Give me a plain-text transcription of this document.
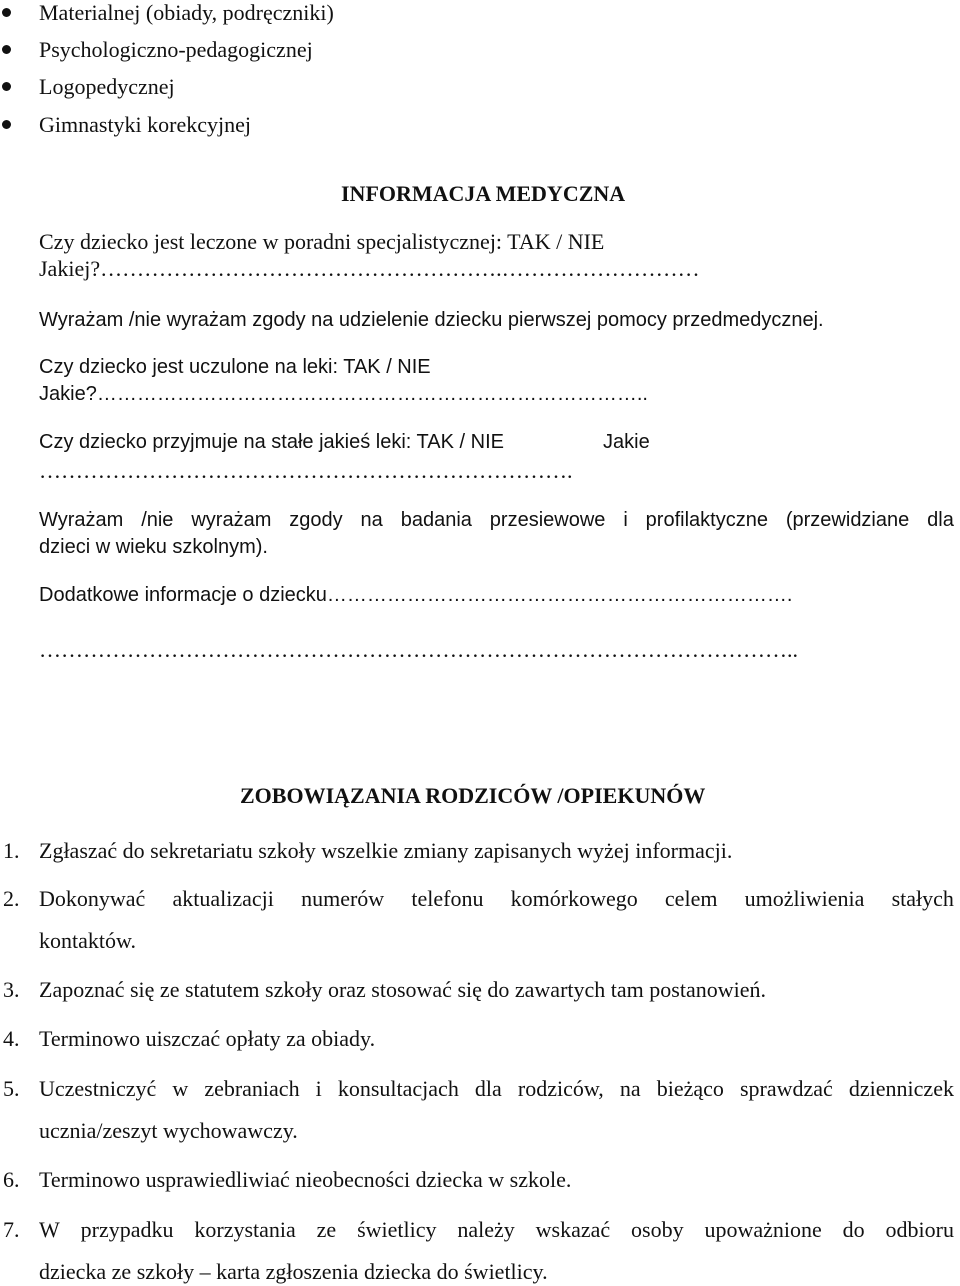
Materialnej (obiady, podręczniki)
Psychologiczno-pedagogicznej
Logopedycznej
Gimnastyki korekcyjnej
INFORMACJA MEDYCZNA
Czy dziecko jest leczone w poradni specjalistycznej: TAK / NIE
Jakiej?……………………………………………….………………………
Wyrażam /nie wyrażam zgody na udzielenie dziecku pierwszej pomocy przedmedycznej.
Czy dziecko jest uczulone na leki: TAK / NIE
Jakie?………………………………………………………………………..
Czy dziecko przyjmuje na stałe jakieś leki: TAK / NIE	Jakie
……………………………………………………………….
Wyrażam /nie wyrażam zgody na badania przesiewowe i profilaktyczne (przewidziane dla
dzieci w wieku szkolnym).
Dodatkowe informacje o dziecku…………………………………………………………….
…………………………………………………………………………………………..
ZOBOWIĄZANIA RODZICÓW /OPIEKUNÓW
1. Zgłaszać do sekretariatu szkoły wszelkie zmiany zapisanych wyżej informacji.
2. Dokonywać aktualizacji numerów telefonu komórkowego celem umożliwienia stałych
kontaktów.
3. Zapoznać się ze statutem szkoły oraz stosować się do zawartych tam postanowień.
4. Terminowo uiszczać opłaty za obiady.
5. Uczestniczyć w zebraniach i konsultacjach dla rodziców, na bieżąco sprawdzać dzienniczek
ucznia/zeszyt wychowawczy.
6. Terminowo usprawiedliwiać nieobecności dziecka w szkole.
7. W przypadku korzystania ze świetlicy należy wskazać osoby upoważnione do odbioru
dziecka ze szkoły – karta zgłoszenia dziecka do świetlicy.
